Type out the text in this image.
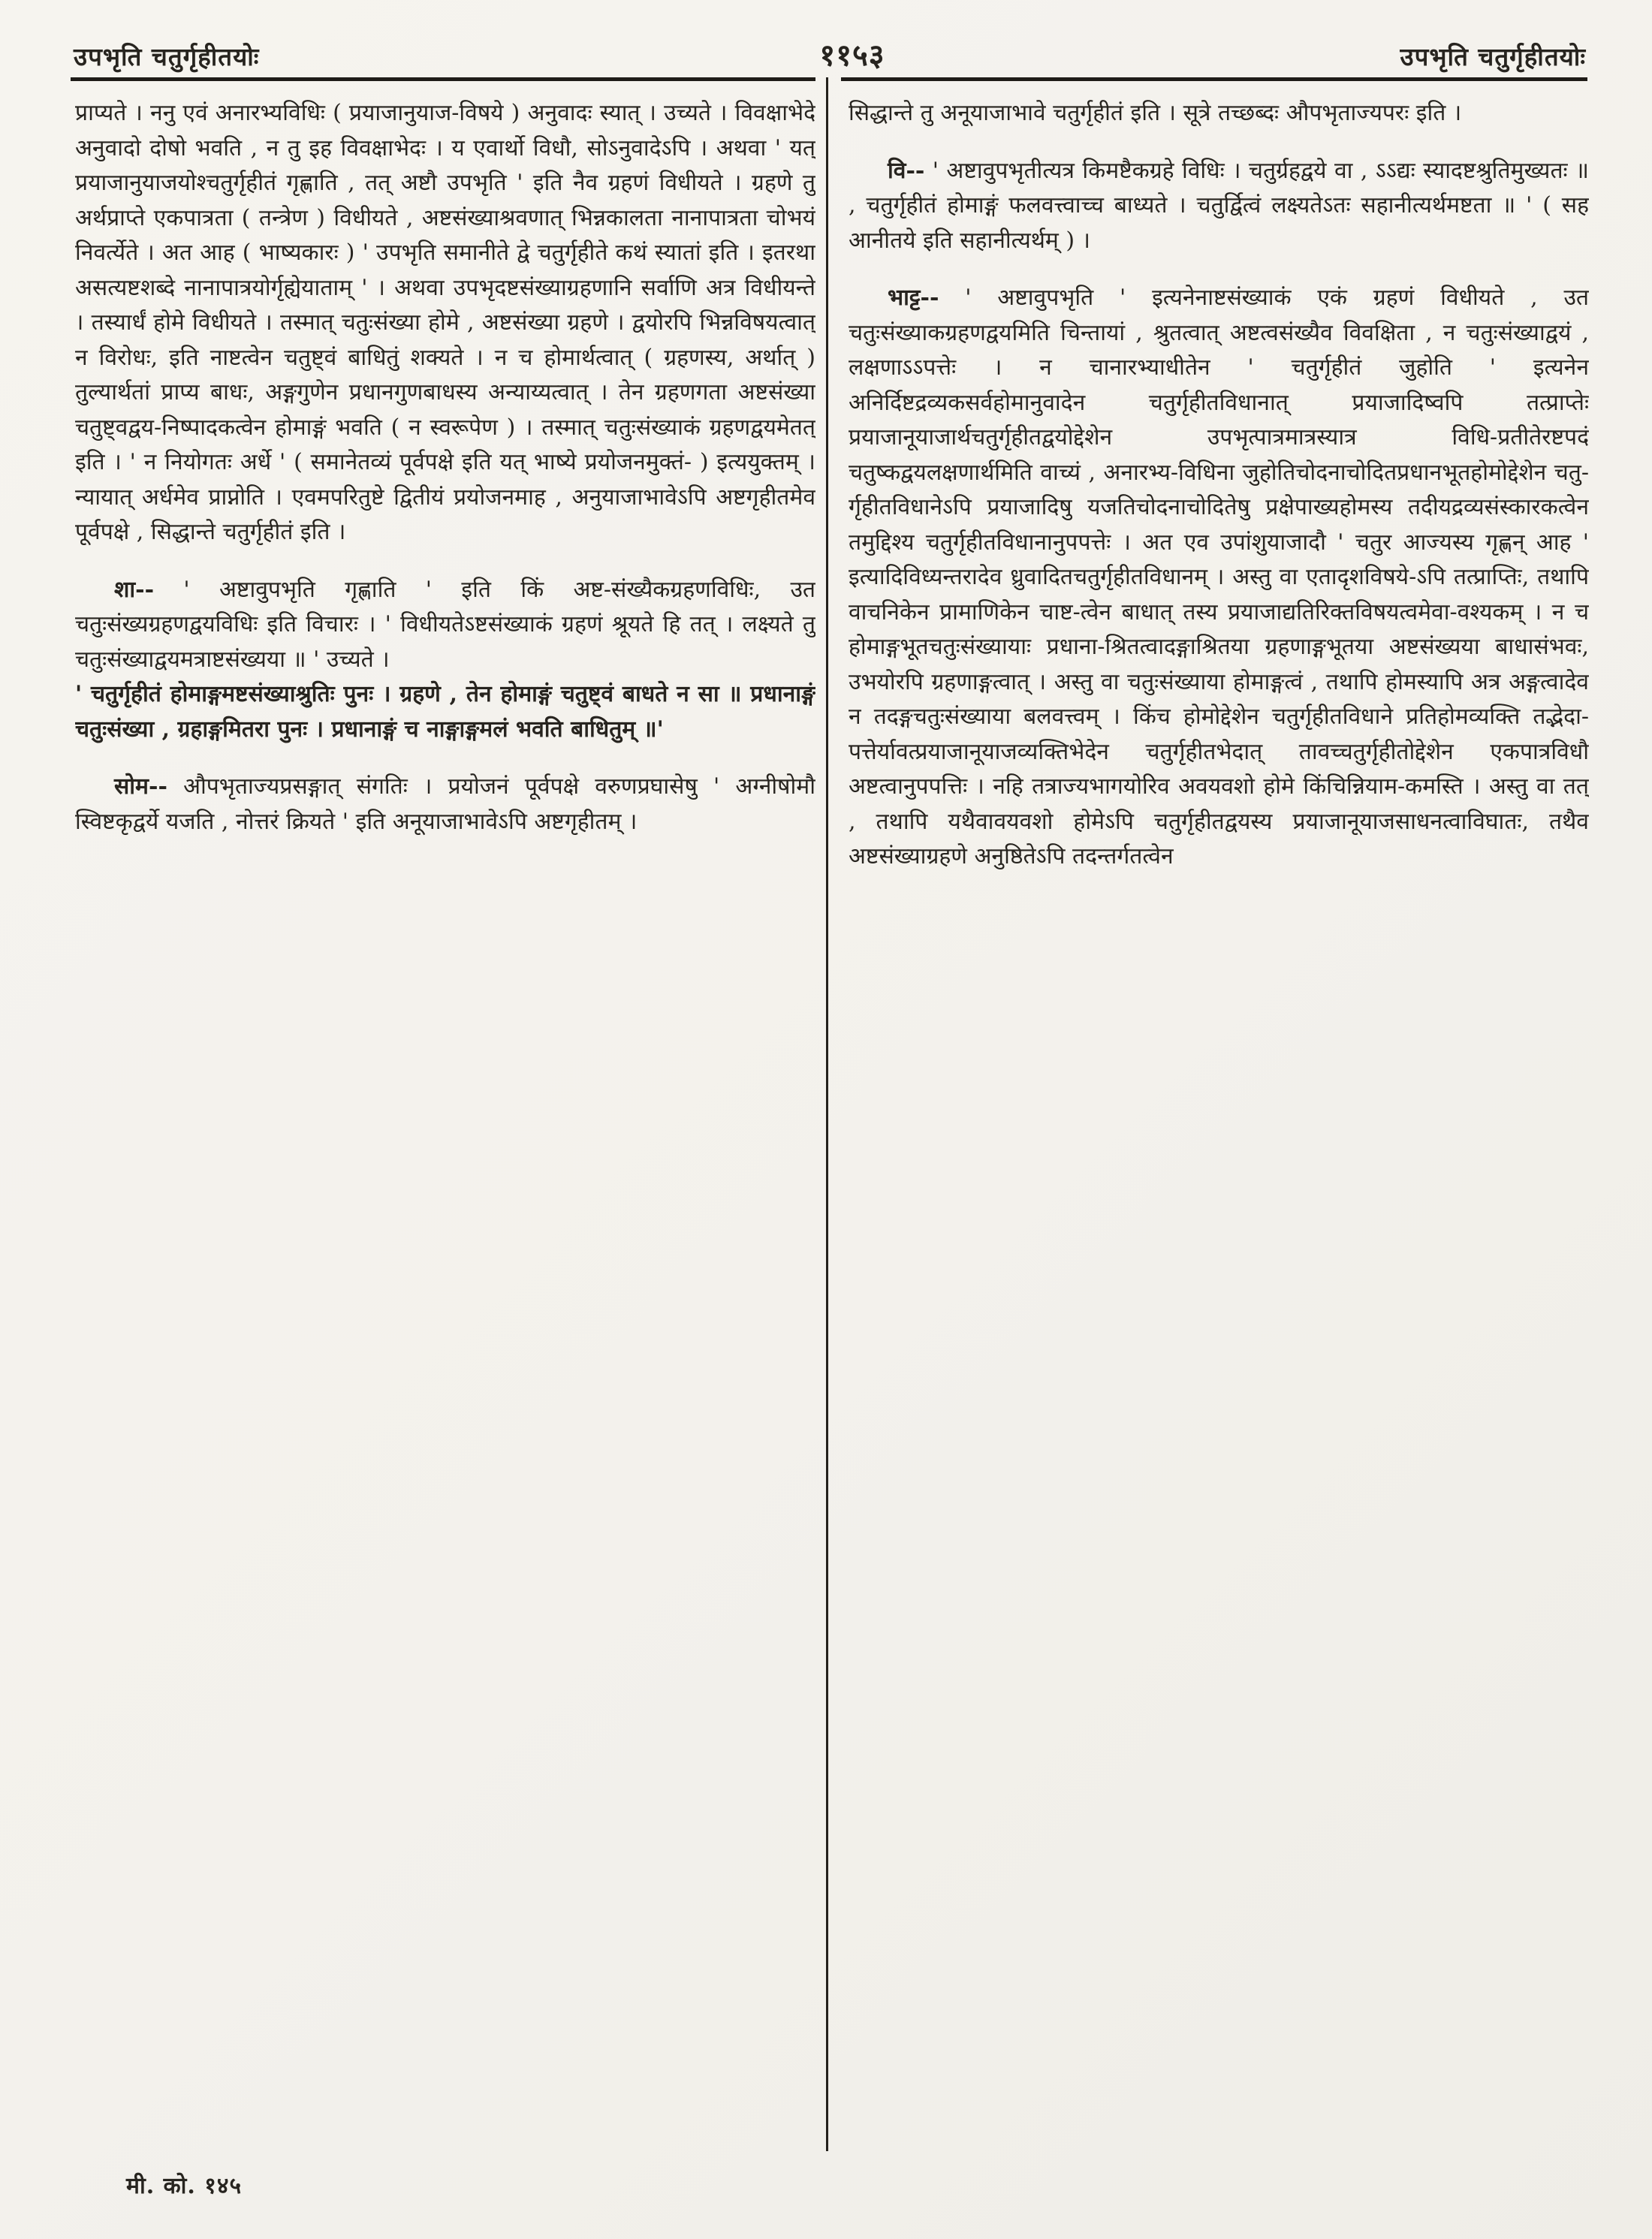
उपभृति चतुर्गृहीतयोः	११५३	उपभृति चतुर्गृहीतयोः

प्राप्यते । ननु एवं अनारभ्यविधिः ( प्रयाजानुयाज-विषये ) अनुवादः स्यात् । उच्यते । विवक्षाभेदे अनुवादो दोषो भवति , न तु इह विवक्षाभेदः । य एवार्थो विधौ, सोऽनुवादेऽपि । अथवा ' यत् प्रयाजानुयाजयोश्चतुर्गृहीतं गृह्णाति , तत् अष्टौ उपभृति ' इति नैव ग्रहणं विधीयते । ग्रहणे तु अर्थप्राप्ते एकपात्रता ( तन्त्रेण ) विधीयते , अष्टसंख्याश्रवणात् भिन्नकालता नानापात्रता चोभयं निवर्त्येते । अत आह ( भाष्यकारः ) ' उपभृति समानीते द्वे चतुर्गृहीते कथं स्यातां इति । इतरथा असत्यष्टशब्दे नानापात्रयोर्गृह्येयाताम् ' । अथवा उपभृदष्टसंख्याग्रहणानि सर्वाणि अत्र विधीयन्ते । तस्यार्धं होमे विधीयते । तस्मात् चतुःसंख्या होमे , अष्टसंख्या ग्रहणे । द्वयोरपि भिन्नविषयत्वात् न विरोधः, इति नाष्टत्वेन चतुष्ट्वं बाधितुं शक्यते । न च होमार्थत्वात् ( ग्रहणस्य, अर्थात् ) तुल्यार्थतां प्राप्य बाधः, अङ्गगुणेन प्रधानगुणबाधस्य अन्याय्यत्वात् । तेन ग्रहणगता अष्टसंख्या चतुष्ट्वद्वय-निष्पादकत्वेन होमाङ्गं भवति ( न स्वरूपेण ) । तस्मात् चतुःसंख्याकं ग्रहणद्वयमेतत् इति । ' न नियोगतः अर्धे ' ( समानेतव्यं पूर्वपक्षे इति यत् भाष्ये प्रयोजनमुक्तं- ) इत्ययुक्तम् । न्यायात् अर्धमेव प्राप्नोति । एवमपरितुष्टे द्वितीयं प्रयोजनमाह , अनुयाजाभावेऽपि अष्टगृहीतमेव पूर्वपक्षे , सिद्धान्ते चतुर्गृहीतं इति ।

शा-- ' अष्टावुपभृति गृह्णाति ' इति किं अष्ट-संख्यैकग्रहणविधिः, उत चतुःसंख्यग्रहणद्वयविधिः इति विचारः । ' विधीयतेऽष्टसंख्याकं ग्रहणं श्रूयते हि तत् । लक्ष्यते तु चतुःसंख्याद्वयमत्राष्टसंख्यया ॥ ' उच्यते ।

' चतुर्गृहीतं होमाङ्गमष्टसंख्याश्रुतिः पुनः । ग्रहणे , तेन होमाङ्गं चतुष्ट्वं बाधते न सा ॥ प्रधानाङ्गं चतुःसंख्या , ग्रहाङ्गमितरा पुनः । प्रधानाङ्गं च नाङ्गाङ्गमलं भवति बाधितुम् ॥'

सोम-- औपभृताज्यप्रसङ्गात् संगतिः । प्रयोजनं पूर्वपक्षे वरुणप्रघासेषु ' अग्नीषोमौ स्विष्टकृद्वर्ये यजति , नोत्तरं क्रियते ' इति अनूयाजाभावेऽपि अष्टगृहीतम् ।

सिद्धान्ते तु अनूयाजाभावे चतुर्गृहीतं इति । सूत्रे तच्छब्दः औपभृताज्यपरः इति ।

वि-- ' अष्टावुपभृतीत्यत्र किमष्टैकग्रहे विधिः । चतुर्ग्रहद्वये वा , ऽऽद्यः स्यादष्टश्रुतिमुख्यतः ॥ , चतुर्गृहीतं होमाङ्गं फलवत्त्वाच्च बाध्यते । चतुर्द्वित्वं लक्ष्यतेऽतः सहानीत्यर्थमष्टता ॥ ' ( सह आनीतये इति सहानीत्यर्थम् ) ।

भाट्ट-- ' अष्टावुपभृति ' इत्यनेनाष्टसंख्याकं एकं ग्रहणं विधीयते , उत चतुःसंख्याकग्रहणद्वयमिति चिन्तायां , श्रुतत्वात् अष्टत्वसंख्यैव विवक्षिता , न चतुःसंख्याद्वयं , लक्षणाऽऽपत्तेः । न चानारभ्याधीतेन ' चतुर्गृहीतं जुहोति ' इत्यनेन अनिर्दिष्टद्रव्यकसर्वहोमानुवादेन चतुर्गृहीतविधानात् प्रयाजादिष्वपि तत्प्राप्तेः प्रयाजानूयाजार्थचतुर्गृहीतद्वयोद्देशेन उपभृत्पात्रमात्रस्यात्र विधि-प्रतीतेरष्टपदं चतुष्कद्वयलक्षणार्थमिति वाच्यं , अनारभ्य-विधिना जुहोतिचोदनाचोदितप्रधानभूतहोमोद्देशेन चतु-र्गृहीतविधानेऽपि प्रयाजादिषु यजतिचोदनाचोदितेषु प्रक्षेपाख्यहोमस्य तदीयद्रव्यसंस्कारकत्वेन तमुद्दिश्य चतुर्गृहीतविधानानुपपत्तेः । अत एव उपांशुयाजादौ ' चतुर आज्यस्य गृह्णन् आह ' इत्यादिविध्यन्तरादेव ध्रुवादितचतुर्गृहीतविधानम् । अस्तु वा एतादृशविषये-ऽपि तत्प्राप्तिः, तथापि वाचनिकेन प्रामाणिकेन चाष्ट-त्वेन बाधात् तस्य प्रयाजाद्यतिरिक्तविषयत्वमेवा-वश्यकम् । न च होमाङ्गभूतचतुःसंख्यायाः प्रधाना-श्रितत्वादङ्गाश्रितया ग्रहणाङ्गभूतया अष्टसंख्यया बाधासंभवः, उभयोरपि ग्रहणाङ्गत्वात् । अस्तु वा चतुःसंख्याया होमाङ्गत्वं , तथापि होमस्यापि अत्र अङ्गत्वादेव न तदङ्गचतुःसंख्याया बलवत्त्वम् । किंच होमोद्देशेन चतुर्गृहीतविधाने प्रतिहोमव्यक्ति तद्भेदा-पत्तेर्यावत्प्रयाजानूयाजव्यक्तिभेदेन चतुर्गृहीतभेदात् तावच्चतुर्गृहीतोद्देशेन एकपात्रविधौ अष्टत्वानुपपत्तिः । नहि तत्राज्यभागयोरिव अवयवशो होमे किंचिन्नियाम-कमस्ति । अस्तु वा तत् , तथापि यथैवावयवशो होमेऽपि चतुर्गृहीतद्वयस्य प्रयाजानूयाजसाधनत्वाविघातः, तथैव अष्टसंख्याग्रहणे अनुष्ठितेऽपि तदन्तर्गतत्वेन

मी. को. १४५
